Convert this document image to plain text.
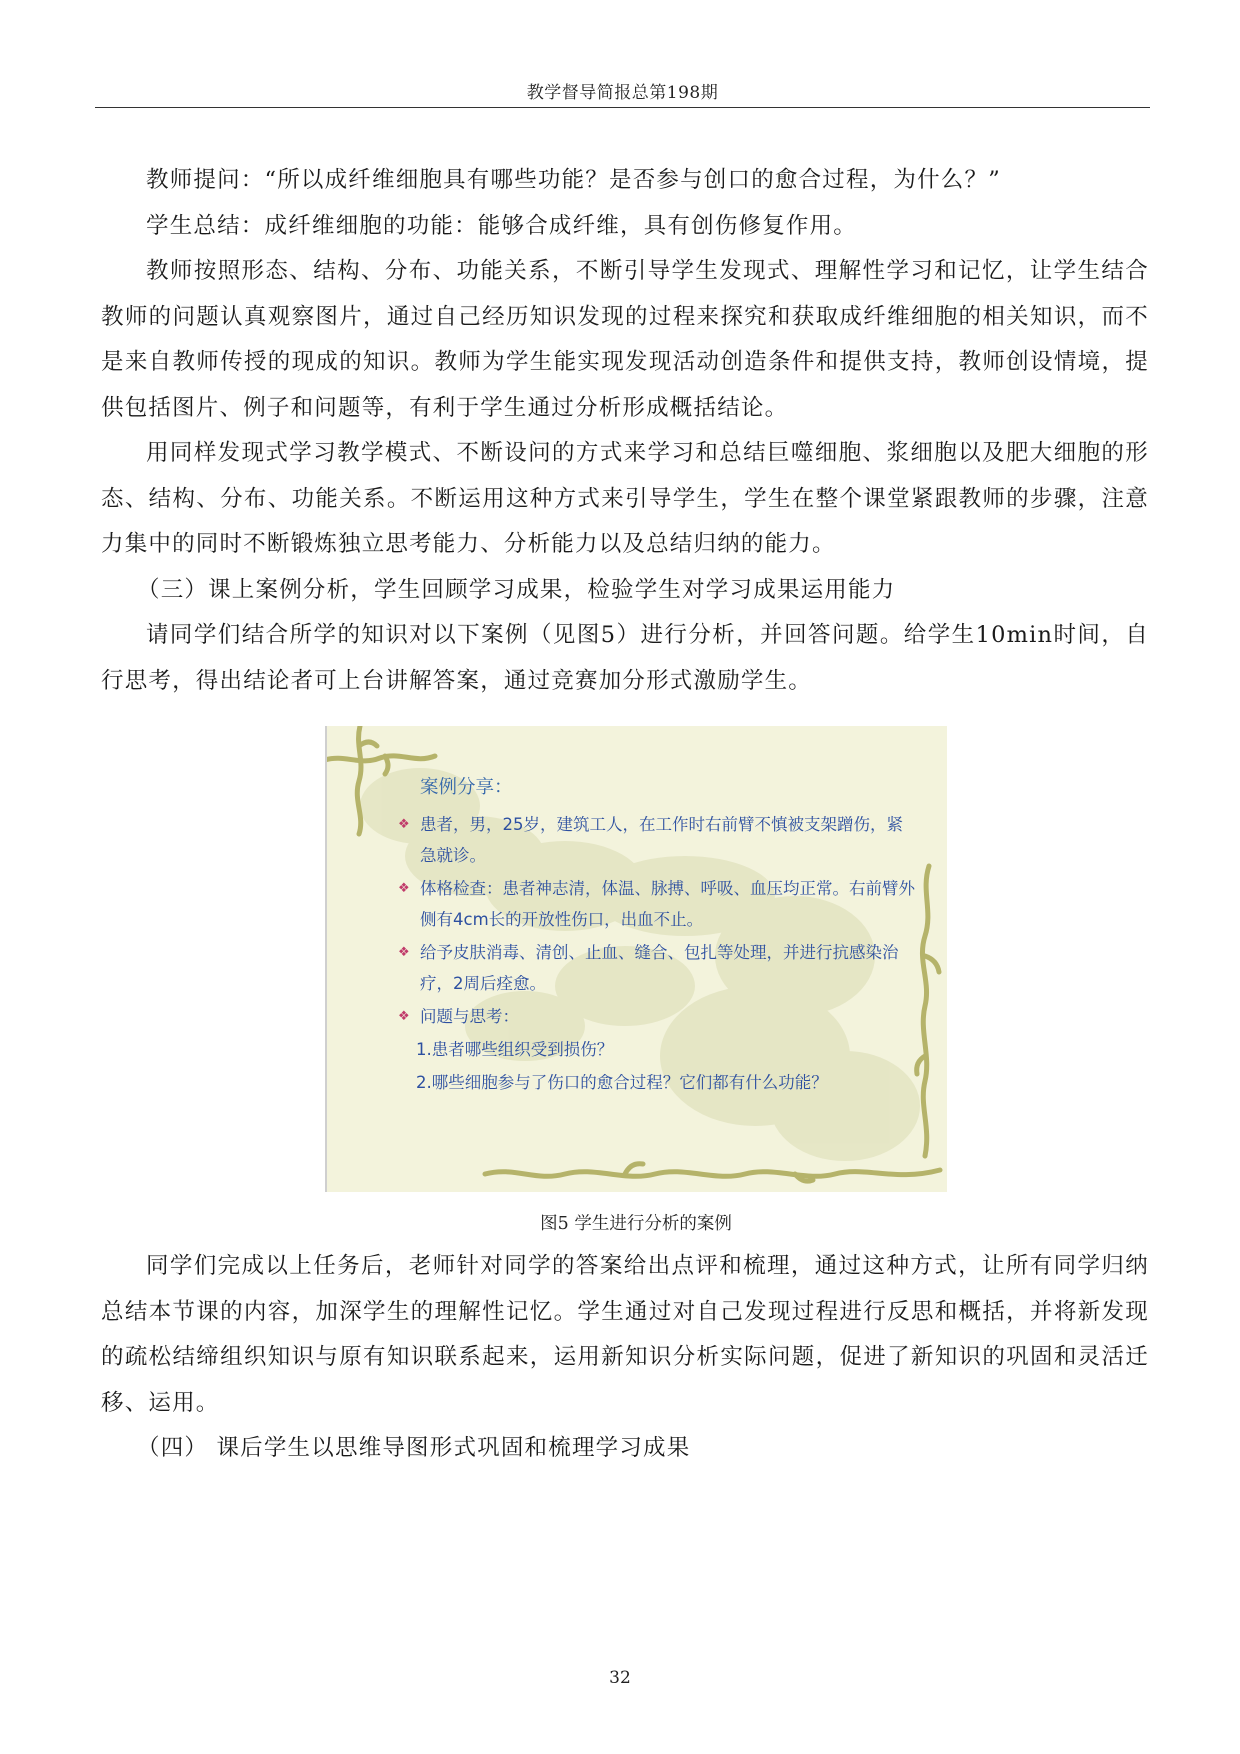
教学督导简报总第198期

教师提问：“所以成纤维细胞具有哪些功能？是否参与创口的愈合过程，为什么？”

学生总结：成纤维细胞的功能：能够合成纤维，具有创伤修复作用。

教师按照形态、结构、分布、功能关系，不断引导学生发现式、理解性学习和记忆，让学生结合教师的问题认真观察图片，通过自己经历知识发现的过程来探究和获取成纤维细胞的相关知识，而不是来自教师传授的现成的知识。教师为学生能实现发现活动创造条件和提供支持，教师创设情境，提供包括图片、例子和问题等，有利于学生通过分析形成概括结论。

用同样发现式学习教学模式、不断设问的方式来学习和总结巨噬细胞、浆细胞以及肥大细胞的形态、结构、分布、功能关系。不断运用这种方式来引导学生，学生在整个课堂紧跟教师的步骤，注意力集中的同时不断锻炼独立思考能力、分析能力以及总结归纳的能力。

（三）课上案例分析，学生回顾学习成果，检验学生对学习成果运用能力

请同学们结合所学的知识对以下案例（见图5）进行分析，并回答问题。给学生10min时间，自行思考，得出结论者可上台讲解答案，通过竞赛加分形式激励学生。

案例分享：
❖ 患者，男，25岁，建筑工人，在工作时右前臂不慎被支架蹭伤，紧急就诊。
❖ 体格检查：患者神志清，体温、脉搏、呼吸、血压均正常。右前臂外侧有4cm长的开放性伤口，出血不止。
❖ 给予皮肤消毒、清创、止血、缝合、包扎等处理，并进行抗感染治疗，2周后痊愈。
❖ 问题与思考：
1.患者哪些组织受到损伤？
2.哪些细胞参与了伤口的愈合过程？它们都有什么功能？
图5 学生进行分析的案例

同学们完成以上任务后，老师针对同学的答案给出点评和梳理，通过这种方式，让所有同学归纳总结本节课的内容，加深学生的理解性记忆。学生通过对自己发现过程进行反思和概括，并将新发现的疏松结缔组织知识与原有知识联系起来，运用新知识分析实际问题，促进了新知识的巩固和灵活迁移、运用。

（四） 课后学生以思维导图形式巩固和梳理学习成果

32
